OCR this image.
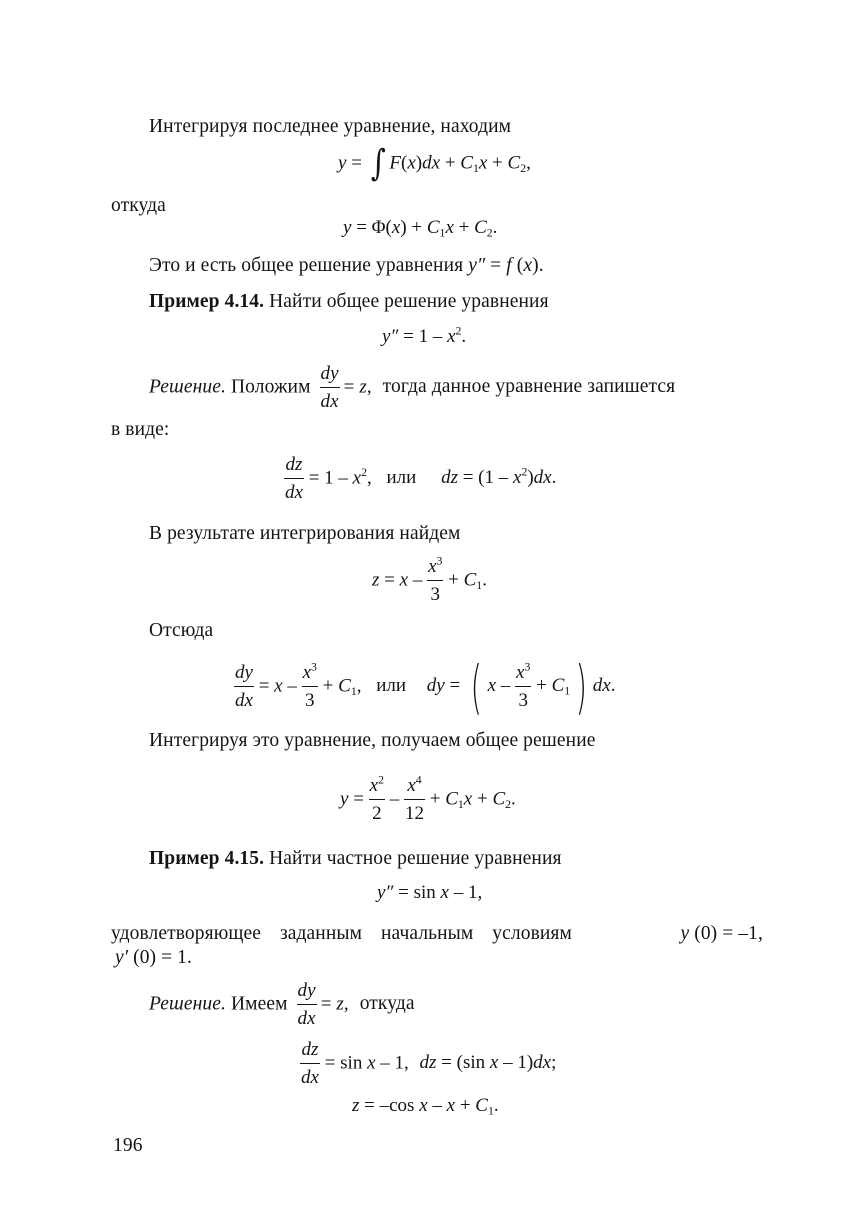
Интегрируя последнее уравнение, находим
y = ∫ $F(x)dx + C_1x + C_2$,
откуда
$y = \Phi(x) + C_1x + C_2$.
Это и есть общее решение уравнения y″ = f (x).
Пример 4.14. Найти общее решение уравнения
$y'' = 1 - x^2$.
Решение. Положим $\frac{dy}{dx} = z$, тогда данное уравнение запишется
в виде:
$\frac{dz}{dx} = 1 - x^2$, или dz = $(1 - x^2)dx$.
В результате интегрирования найдем
$z = x - \frac{x^3}{3} + C_1$.
Отсюда
$\frac{dy}{dx} = x - \frac{x^3}{3} + C_1$, или dy = ( $x - \frac{x^3}{3} + C_1$) dx.
Интегрируя это уравнение, получаем общее решение
$y = \frac{x^2}{2} - \frac{x^4}{12} + C_1x + C_2$.
Пример 4.15. Найти частное решение уравнения
y″ = sin x – 1,
удовлетворяющее заданным начальным условиям	y (0) = –1,
y′ (0) = 1.
Решение. Имеем $\frac{dy}{dx} = z$, откуда
$\frac{dz}{dx} = \sin x - 1$, dz = (sin x – 1)dx;
z = –cos $x - x + C_1$.
196
